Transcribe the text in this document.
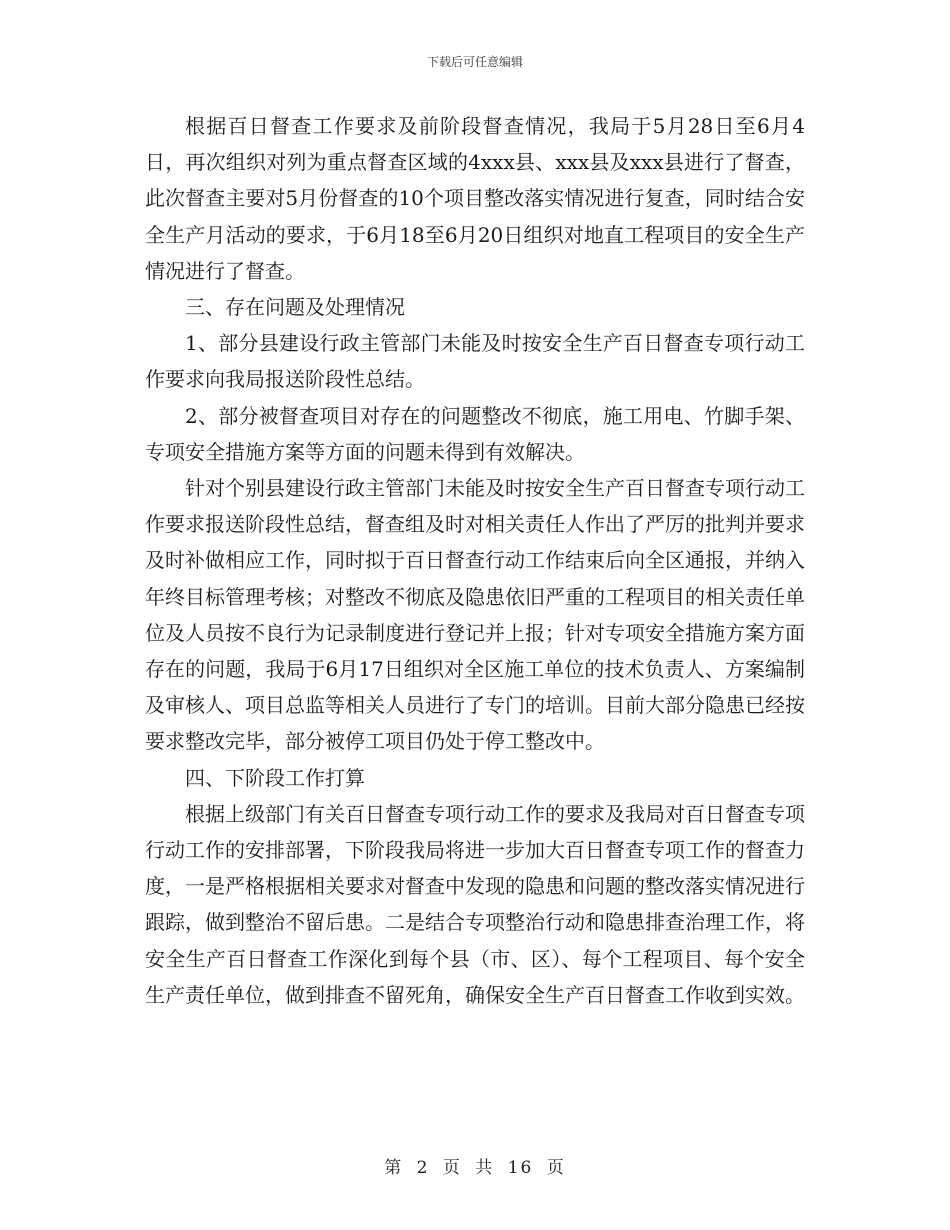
下载后可任意编辑

根据百日督查工作要求及前阶段督查情况，我局于5月28日至6月4日，再次组织对列为重点督查区域的4xxx县、xxx县及xxx县进行了督查，此次督查主要对5月份督查的10个项目整改落实情况进行复查，同时结合安全生产月活动的要求，于6月18至6月20日组织对地直工程项目的安全生产情况进行了督查。

三、存在问题及处理情况

1、部分县建设行政主管部门未能及时按安全生产百日督查专项行动工作要求向我局报送阶段性总结。

2、部分被督查项目对存在的问题整改不彻底，施工用电、竹脚手架、专项安全措施方案等方面的问题未得到有效解决。

针对个别县建设行政主管部门未能及时按安全生产百日督查专项行动工作要求报送阶段性总结，督查组及时对相关责任人作出了严厉的批判并要求及时补做相应工作，同时拟于百日督查行动工作结束后向全区通报，并纳入年终目标管理考核；对整改不彻底及隐患依旧严重的工程项目的相关责任单位及人员按不良行为记录制度进行登记并上报；针对专项安全措施方案方面存在的问题，我局于6月17日组织对全区施工单位的技术负责人、方案编制及审核人、项目总监等相关人员进行了专门的培训。目前大部分隐患已经按要求整改完毕，部分被停工项目仍处于停工整改中。

四、下阶段工作打算

根据上级部门有关百日督查专项行动工作的要求及我局对百日督查专项行动工作的安排部署，下阶段我局将进一步加大百日督查专项工作的督查力度，一是严格根据相关要求对督查中发现的隐患和问题的整改落实情况进行跟踪，做到整治不留后患。二是结合专项整治行动和隐患排查治理工作，将安全生产百日督查工作深化到每个县（市、区）、每个工程项目、每个安全生产责任单位，做到排查不留死角，确保安全生产百日督查工作收到实效。

第 2 页 共 16 页
